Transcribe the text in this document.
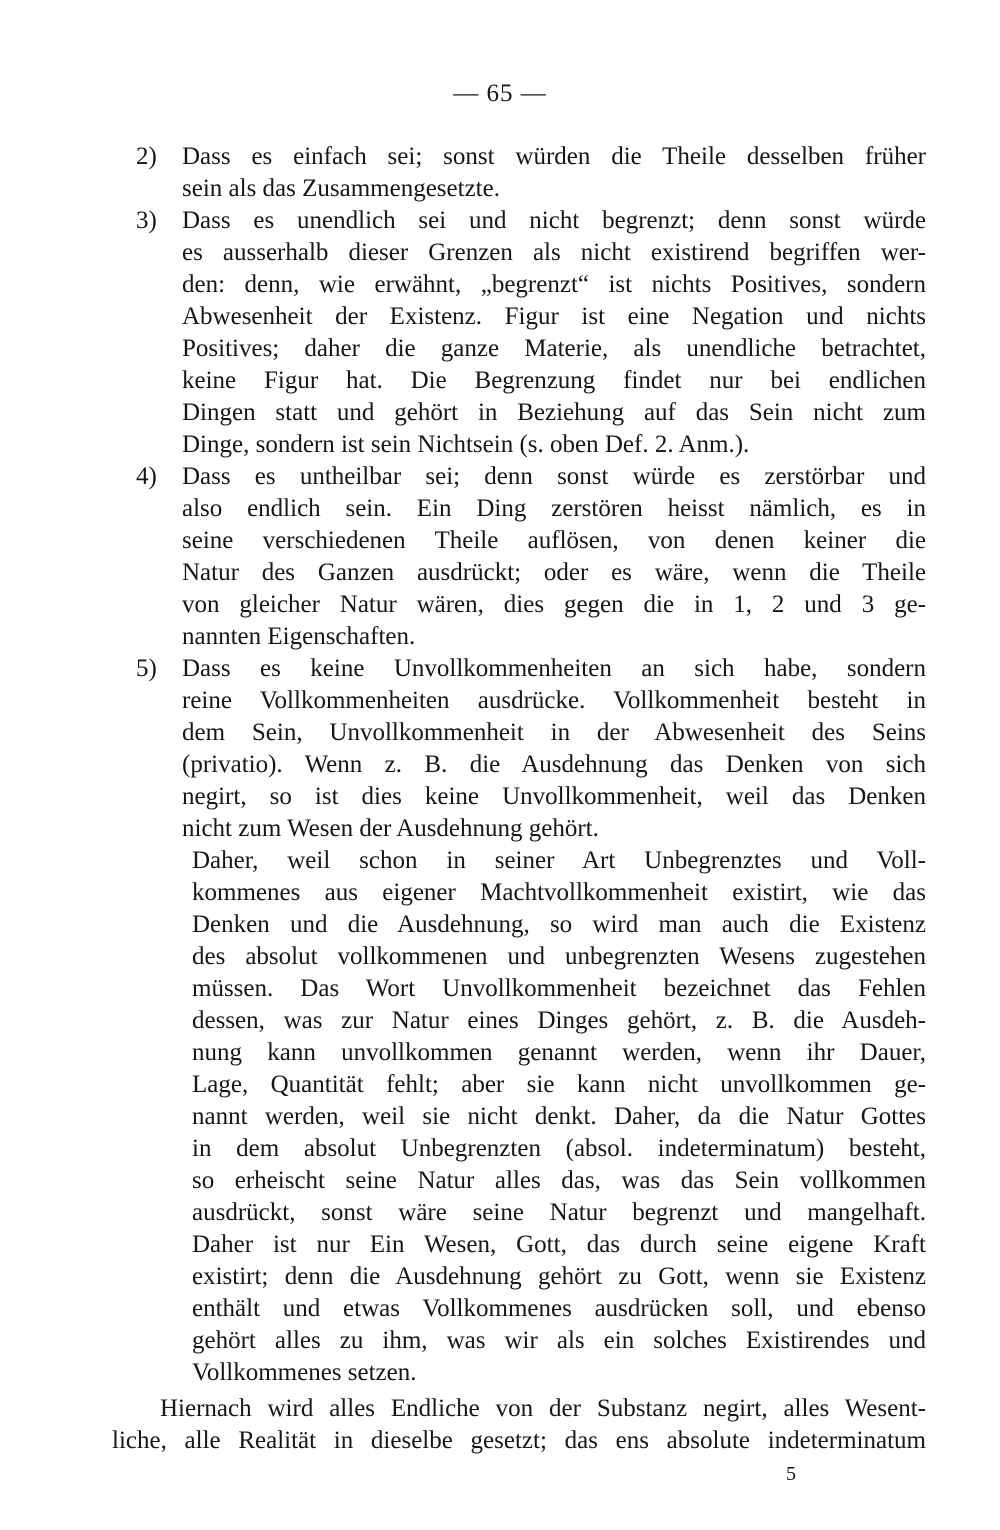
— 65 —
2)	Dass es einfach sei; sonst würden die Theile desselben früher
sein als das Zusammengesetzte.
3)	Dass es unendlich sei und nicht begrenzt; denn sonst würde
es ausserhalb dieser Grenzen als nicht existirend begriffen wer-
den: denn, wie erwähnt, „begrenzt“ ist nichts Positives, sondern
Abwesenheit der Existenz. Figur ist eine Negation und nichts
Positives; daher die ganze Materie, als unendliche betrachtet,
keine Figur hat. Die Begrenzung findet nur bei endlichen
Dingen statt und gehört in Beziehung auf das Sein nicht zum
Dinge, sondern ist sein Nichtsein (s. oben Def. 2. Anm.).
4)	Dass es untheilbar sei; denn sonst würde es zerstörbar und
also endlich sein. Ein Ding zerstören heisst nämlich, es in
seine verschiedenen Theile auflösen, von denen keiner die
Natur des Ganzen ausdrückt; oder es wäre, wenn die Theile
von gleicher Natur wären, dies gegen die in 1, 2 und 3 ge-
nannten Eigenschaften.
5)	Dass es keine Unvollkommenheiten an sich habe, sondern
reine Vollkommenheiten ausdrücke. Vollkommenheit besteht in
dem Sein, Unvollkommenheit in der Abwesenheit des Seins
(privatio). Wenn z. B. die Ausdehnung das Denken von sich
negirt, so ist dies keine Unvollkommenheit, weil das Denken
nicht zum Wesen der Ausdehnung gehört.
Daher, weil schon in seiner Art Unbegrenztes und Voll-
kommenes aus eigener Machtvollkommenheit existirt, wie das
Denken und die Ausdehnung, so wird man auch die Existenz
des absolut vollkommenen und unbegrenzten Wesens zugestehen
müssen. Das Wort Unvollkommenheit bezeichnet das Fehlen
dessen, was zur Natur eines Dinges gehört, z. B. die Ausdeh-
nung kann unvollkommen genannt werden, wenn ihr Dauer,
Lage, Quantität fehlt; aber sie kann nicht unvollkommen ge-
nannt werden, weil sie nicht denkt. Daher, da die Natur Gottes
in dem absolut Unbegrenzten (absol. indeterminatum) besteht,
so erheischt seine Natur alles das, was das Sein vollkommen
ausdrückt, sonst wäre seine Natur begrenzt und mangelhaft.
Daher ist nur Ein Wesen, Gott, das durch seine eigene Kraft
existirt; denn die Ausdehnung gehört zu Gott, wenn sie Existenz
enthält und etwas Vollkommenes ausdrücken soll, und ebenso
gehört alles zu ihm, was wir als ein solches Existirendes und
Vollkommenes setzen.
Hiernach wird alles Endliche von der Substanz negirt, alles Wesent-
liche, alle Realität in dieselbe gesetzt; das ens absolute indeterminatum
5
